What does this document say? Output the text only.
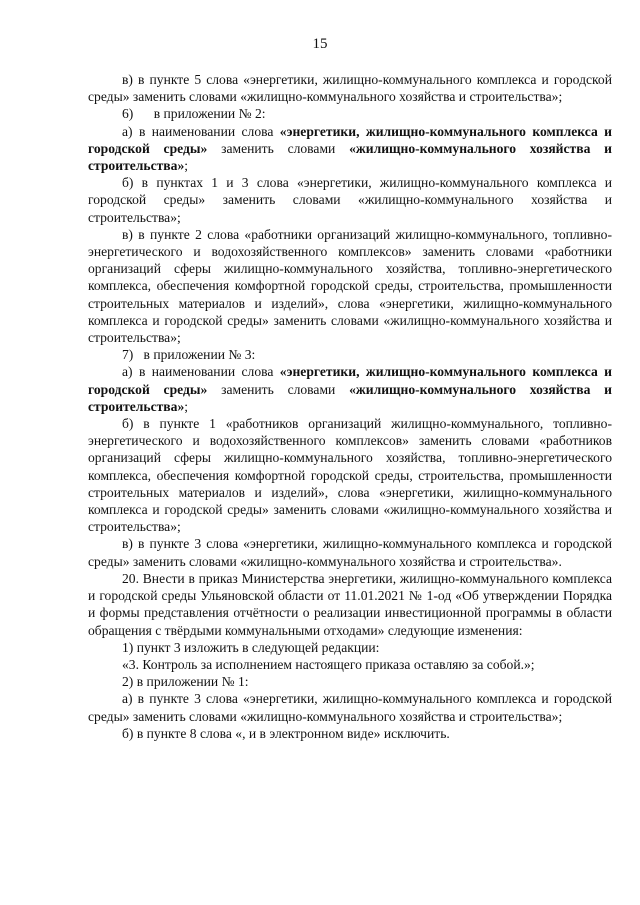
15

в) в пункте 5 слова «энергетики, жилищно-коммунального комплекса и городской среды» заменить словами «жилищно-коммунального хозяйства и строительства»;

6)      в приложении № 2:

а) в наименовании слова «энергетики, жилищно-коммунального комплекса и городской среды» заменить словами «жилищно-коммунального хозяйства и строительства»;

б) в пунктах 1 и 3 слова «энергетики, жилищно-коммунального комплекса и городской среды» заменить словами «жилищно-коммунального хозяйства и строительства»;

в) в пункте 2 слова «работники организаций жилищно-коммунального, топливно-энергетического и водохозяйственного комплексов» заменить словами «работники организаций сферы жилищно-коммунального хозяйства, топливно-энергетического комплекса, обеспечения комфортной городской среды, строительства, промышленности строительных материалов и изделий», слова «энергетики, жилищно-коммунального комплекса и городской среды» заменить словами «жилищно-коммунального хозяйства и строительства»;

7)   в приложении № 3:

а) в наименовании слова «энергетики, жилищно-коммунального комплекса и городской среды» заменить словами «жилищно-коммунального хозяйства и строительства»;

б) в пункте 1 «работников организаций жилищно-коммунального, топливно-энергетического и водохозяйственного комплексов» заменить словами «работников организаций сферы жилищно-коммунального хозяйства, топливно-энергетического комплекса, обеспечения комфортной городской среды, строительства, промышленности строительных материалов и изделий», слова «энергетики, жилищно-коммунального комплекса и городской среды» заменить словами «жилищно-коммунального хозяйства и строительства»;

в) в пункте 3 слова «энергетики, жилищно-коммунального комплекса и городской среды» заменить словами «жилищно-коммунального хозяйства и строительства».

20. Внести в приказ Министерства энергетики, жилищно-коммунального комплекса и городской среды Ульяновской области от 11.01.2021 № 1-од «Об утверждении Порядка и формы представления отчётности о реализации инвестиционной программы в области обращения с твёрдыми коммунальными отходами» следующие изменения:

1) пункт 3 изложить в следующей редакции:

«3. Контроль за исполнением настоящего приказа оставляю за собой.»;

2) в приложении № 1:

а) в пункте 3 слова «энергетики, жилищно-коммунального комплекса и городской среды» заменить словами «жилищно-коммунального хозяйства и строительства»;

б) в пункте 8 слова «, и в электронном виде» исключить.
